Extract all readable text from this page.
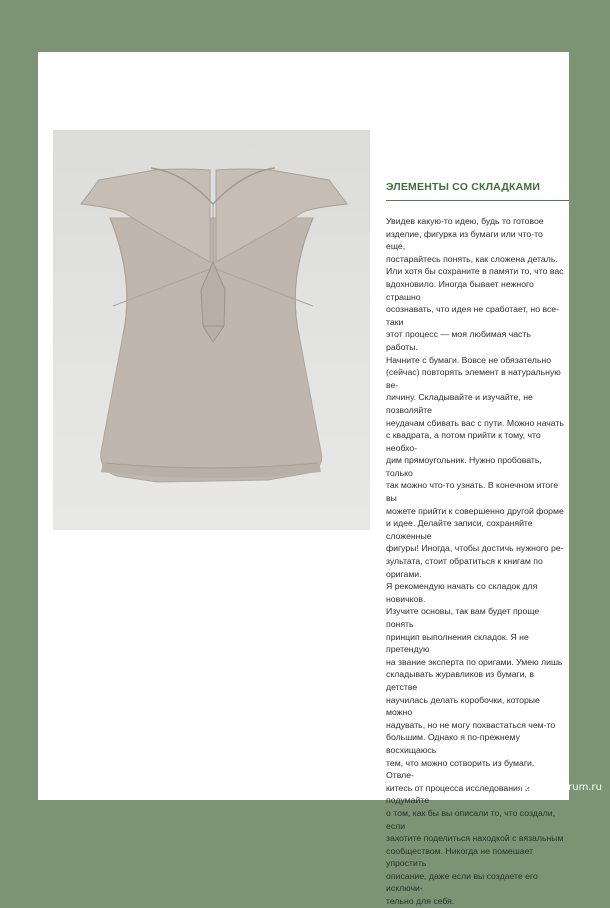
ЭЛЕМЕНТЫ СО СКЛАДКАМИ

Увидев какую-то идею, будь то готовое
изделие, фигурка из бумаги или что-то еще,
постарайтесь понять, как сложена деталь.
Или хотя бы сохраните в памяти то, что вас
вдохновило. Иногда бывает нежного страшно
осознавать, что идея не сработает, но все-таки
этот процесс — моя любимая часть работы.
Начните с бумаги. Вовсе не обязательно
(сейчас) повторять элемент в натуральную ве-
личину. Складывайте и изучайте, не позволяйте
неудачам сбивать вас с пути. Можно начать
с квадрата, а потом прийти к тому, что необхо-
дим прямоугольник. Нужно пробовать, только
так можно что-то узнать. В конечном итоге вы
можете прийти к совершенно другой форме
и идее. Делайте записи, сохраняйте сложенные
фигуры! Иногда, чтобы достичь нужного ре-
зультата, стоит обратиться к книгам по оригами.
Я рекомендую начать со складок для новичков.
Изучите основы, так вам будет проще понять
принцип выполнения складок. Я не претендую
на звание эксперта по оригами. Умею лишь
складывать журавликов из бумаги, в детстве
научилась делать коробочки, которые можно
надувать, но не могу похвастаться чем-то
большим. Однако я по-прежнему восхищаюсь
тем, что можно сотворить из бумаги. Отвле-
китесь от процесса исследования и подумайте
о том, как бы вы описали то, что создали, если
захотите поделиться находкой с вязальным
сообществом. Никогда не помешает упростить
описание, даже если вы создаете его исключи-
тельно для себя.

PassionForum.ru
